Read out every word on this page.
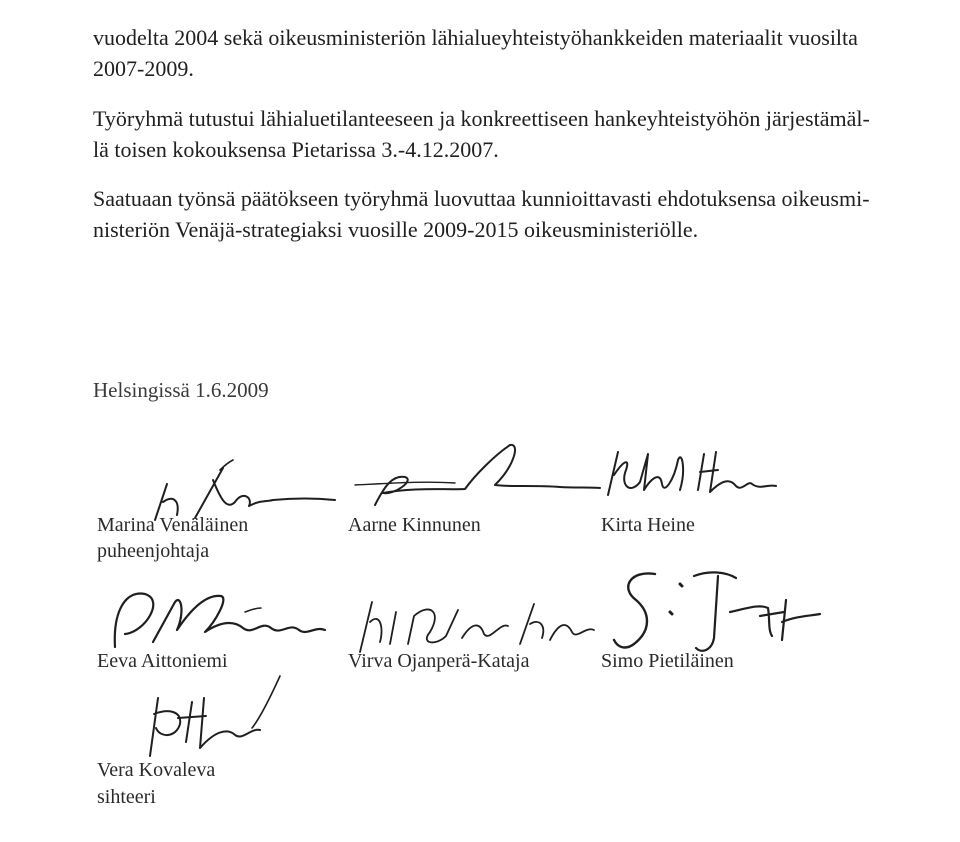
vuodelta 2004 sekä oikeusministeriön lähialueyhteistyöhankkeiden materiaalit vuosilta
2007-2009.
Työryhmä tutustui lähialuetilanteeseen ja konkreettiseen hankeyhteistyöhön järjestämäl-
lä toisen kokouksensa Pietarissa 3.-4.12.2007.
Saatuaan työnsä päätökseen työryhmä luovuttaa kunnioittavasti ehdotuksensa oikeusmi-
nisteriön Venäjä-strategiaksi vuosille 2009-2015 oikeusministeriölle.
Helsingissä 1.6.2009
Marina Venäläinen
puheenjohtaja
Aarne Kinnunen	Kirta Heine
Eeva Aittoniemi	Virva Ojanperä-Kataja	Simo Pietiläinen
Vera Kovaleva
sihteeri
